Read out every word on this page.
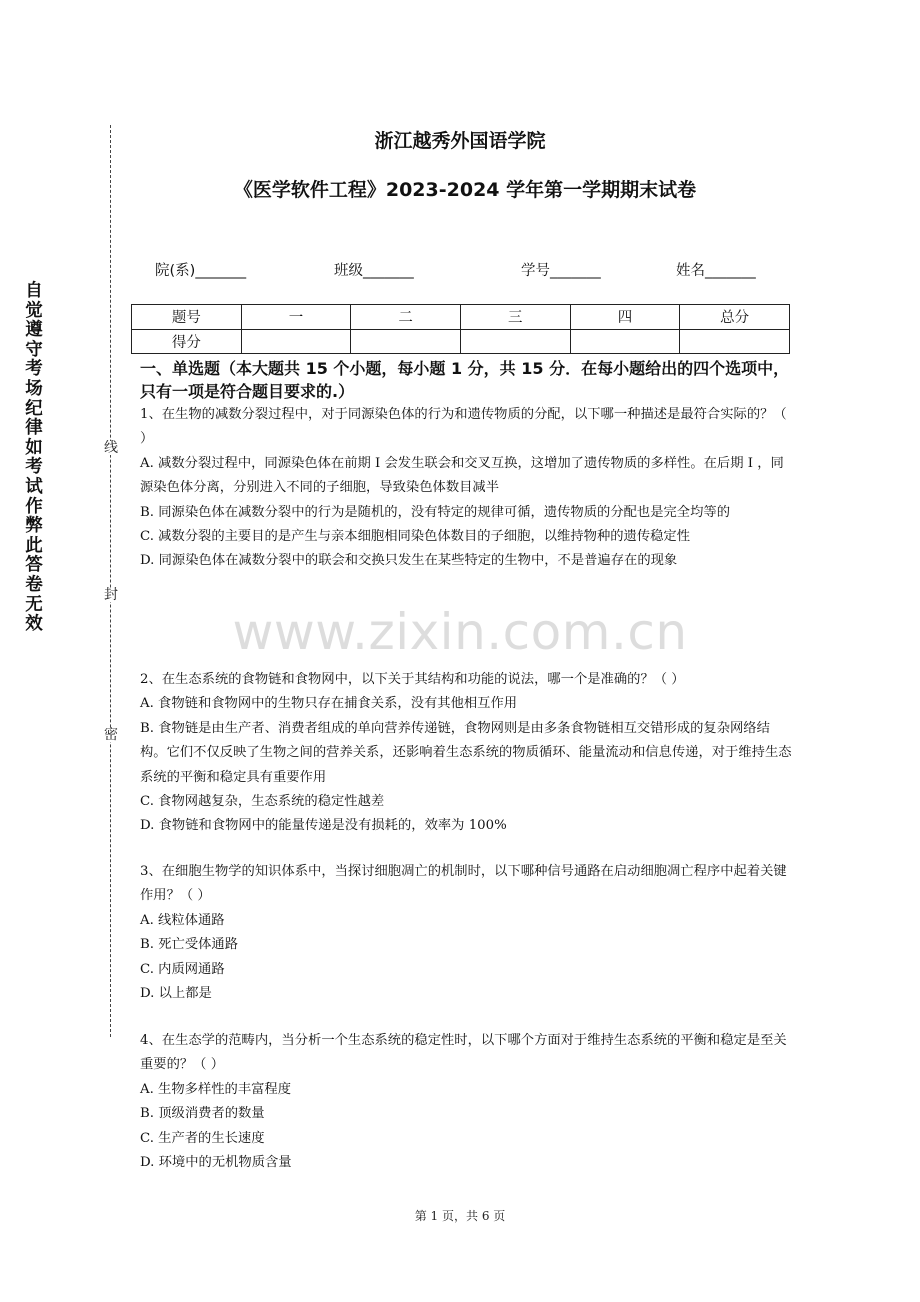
线
封
密
自觉遵守考场纪律如考试作弊此答卷无效
浙江越秀外国语学院
《医学软件工程》2023-2024 学年第一学期期末试卷
院(系)_______	班级_______	学号_______	姓名_______
题号	一	二	三	四	总分
得分					
一、单选题（本大题共 15 个小题，每小题 1 分，共 15 分．在每小题给出的四个选项中，只有一项是符合题目要求的.）

1、在生物的减数分裂过程中，对于同源染色体的行为和遗传物质的分配，以下哪一种描述是最符合实际的？（ ）

A. 减数分裂过程中，同源染色体在前期 I 会发生联会和交叉互换，这增加了遗传物质的多样性。在后期 I ，同源染色体分离，分别进入不同的子细胞，导致染色体数目减半

B. 同源染色体在减数分裂中的行为是随机的，没有特定的规律可循，遗传物质的分配也是完全均等的

C. 减数分裂的主要目的是产生与亲本细胞相同染色体数目的子细胞，以维持物种的遗传稳定性

D. 同源染色体在减数分裂中的联会和交换只发生在某些特定的生物中，不是普遍存在的现象

2、在生态系统的食物链和食物网中，以下关于其结构和功能的说法，哪一个是准确的？（ ）

A. 食物链和食物网中的生物只存在捕食关系，没有其他相互作用

B. 食物链是由生产者、消费者组成的单向营养传递链，食物网则是由多条食物链相互交错形成的复杂网络结构。它们不仅反映了生物之间的营养关系，还影响着生态系统的物质循环、能量流动和信息传递，对于维持生态系统的平衡和稳定具有重要作用

C. 食物网越复杂，生态系统的稳定性越差

D. 食物链和食物网中的能量传递是没有损耗的，效率为 100%

3、在细胞生物学的知识体系中，当探讨细胞凋亡的机制时，以下哪种信号通路在启动细胞凋亡程序中起着关键作用？（ ）

A. 线粒体通路

B. 死亡受体通路

C. 内质网通路

D. 以上都是

4、在生态学的范畴内，当分析一个生态系统的稳定性时，以下哪个方面对于维持生态系统的平衡和稳定是至关重要的？（ ）

A. 生物多样性的丰富程度

B. 顶级消费者的数量

C. 生产者的生长速度

D. 环境中的无机物质含量

www.zixin.com.cn
第 1 页，共 6 页
